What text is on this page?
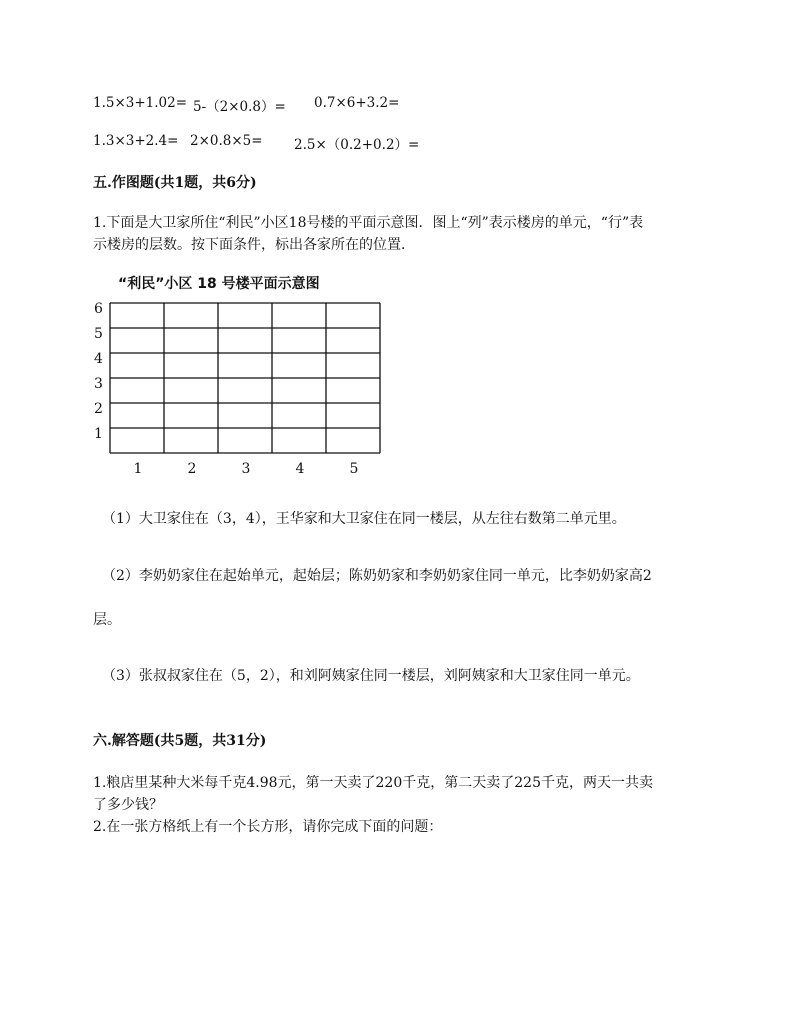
1.5×3+1.02= 5-（2×0.8）= 0.7×6+3.2=
1.3×3+2.4= 2×0.8×5= 2.5×（0.2+0.2）=
五.作图题(共1题，共6分)
1.下面是大卫家所住“利民”小区18号楼的平面示意图．图上“列”表示楼房的单元，“行”表
示楼房的层数。按下面条件，标出各家所在的位置．
“利民”小区 18 号楼平面示意图
6
5
4
3
2
1
1	2	3	4	5
（1）大卫家住在（3，4），王华家和大卫家住在同一楼层，从左往右数第二单元里。
（2）李奶奶家住在起始单元，起始层；陈奶奶家和李奶奶家住同一单元，比李奶奶家高2
层。
（3）张叔叔家住在（5，2），和刘阿姨家住同一楼层，刘阿姨家和大卫家住同一单元。
六.解答题(共5题，共31分)
1.粮店里某种大米每千克4.98元，第一天卖了220千克，第二天卖了225千克，两天一共卖
了多少钱？
2.在一张方格纸上有一个长方形，请你完成下面的问题：
